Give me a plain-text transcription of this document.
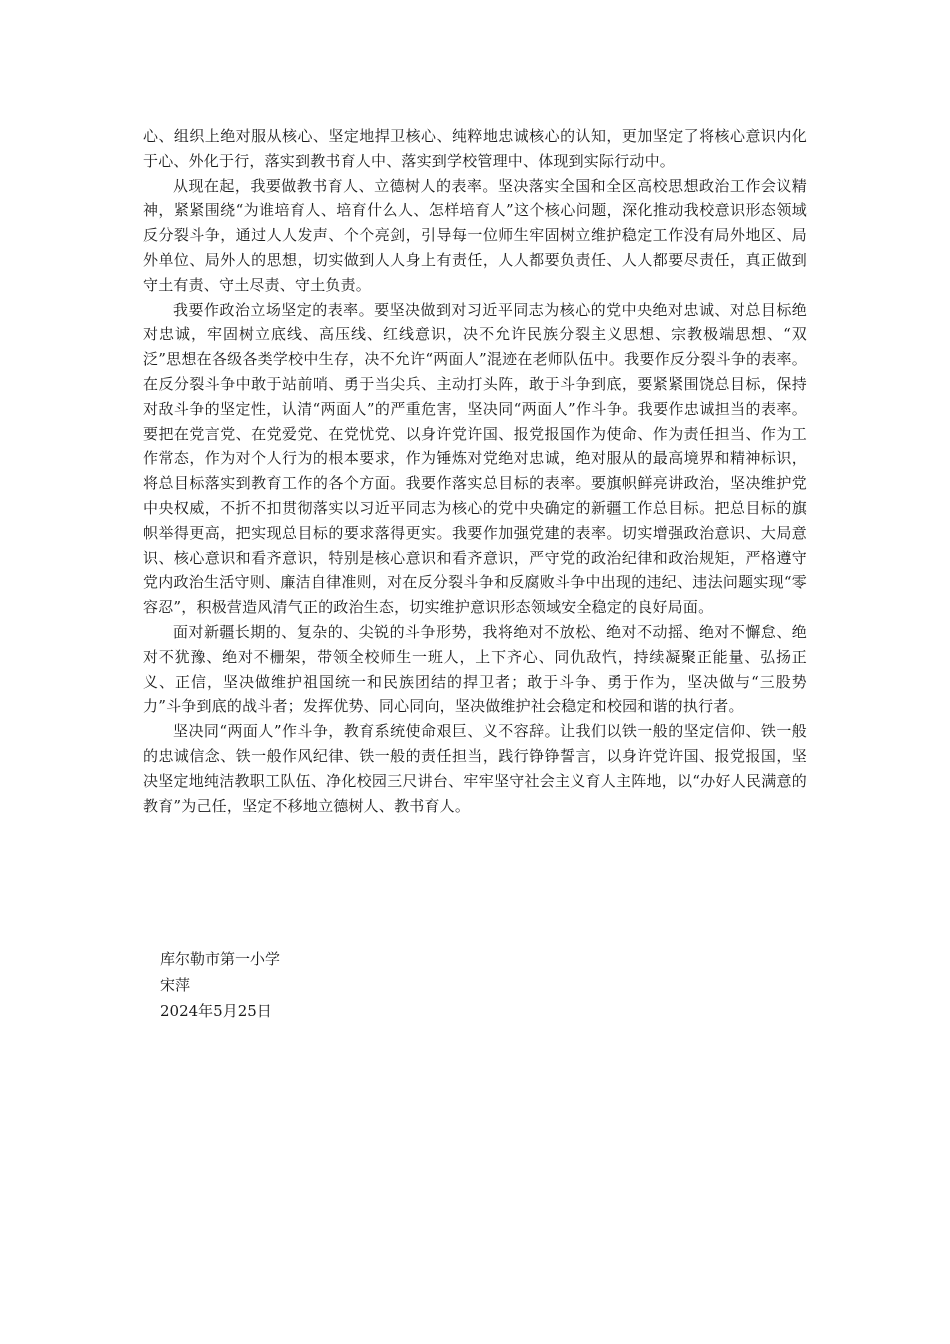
心、组织上绝对服从核心、坚定地捍卫核心、纯粹地忠诚核心的认知，更加坚定了将核心意识内化于心、外化于行，落实到教书育人中、落实到学校管理中、体现到实际行动中。

从现在起，我要做教书育人、立德树人的表率。坚决落实全国和全区高校思想政治工作会议精神，紧紧围绕“为谁培育人、培育什么人、怎样培育人”这个核心问题，深化推动我校意识形态领域反分裂斗争，通过人人发声、个个亮剑，引导每一位师生牢固树立维护稳定工作没有局外地区、局外单位、局外人的思想，切实做到人人身上有责任，人人都要负责任、人人都要尽责任，真正做到守土有责、守土尽责、守土负责。

我要作政治立场坚定的表率。要坚决做到对习近平同志为核心的党中央绝对忠诚、对总目标绝对忠诚，牢固树立底线、高压线、红线意识，决不允许民族分裂主义思想、宗教极端思想、“双泛”思想在各级各类学校中生存，决不允许“两面人”混迹在老师队伍中。我要作反分裂斗争的表率。在反分裂斗争中敢于站前哨、勇于当尖兵、主动打头阵，敢于斗争到底，要紧紧围饶总目标，保持对敌斗争的坚定性，认清“两面人”的严重危害，坚决同“两面人”作斗争。我要作忠诚担当的表率。要把在党言党、在党爱党、在党忧党、以身许党许国、报党报国作为使命、作为责任担当、作为工作常态，作为对个人行为的根本要求，作为锤炼对党绝对忠诚，绝对服从的最高境界和精神标识，将总目标落实到教育工作的各个方面。我要作落实总目标的表率。要旗帜鲜亮讲政治，坚决维护党中央权威，不折不扣贯彻落实以习近平同志为核心的党中央确定的新疆工作总目标。把总目标的旗帜举得更高，把实现总目标的要求落得更实。我要作加强党建的表率。切实增强政治意识、大局意识、核心意识和看齐意识，特别是核心意识和看齐意识，严守党的政治纪律和政治规矩，严格遵守党内政治生活守则、廉洁自律准则，对在反分裂斗争和反腐败斗争中出现的违纪、违法问题实现“零容忍”，积极营造风清气正的政治生态，切实维护意识形态领域安全稳定的良好局面。

面对新疆长期的、复杂的、尖锐的斗争形势，我将绝对不放松、绝对不动摇、绝对不懈怠、绝对不犹豫、绝对不栅架，带领全校师生一班人，上下齐心、同仇敌忾，持续凝聚正能量、弘扬正义、正信，坚决做维护祖国统一和民族团结的捍卫者；敢于斗争、勇于作为，坚决做与“三股势力”斗争到底的战斗者；发挥优势、同心同向，坚决做维护社会稳定和校园和谐的执行者。

坚决同“两面人”作斗争，教育系统使命艰巨、义不容辞。让我们以铁一般的坚定信仰、铁一般的忠诚信念、铁一般作风纪律、铁一般的责任担当，践行铮铮誓言，以身许党许国、报党报国，坚决坚定地纯洁教职工队伍、净化校园三尺讲台、牢牢坚守社会主义育人主阵地，以“办好人民满意的教育”为己任，坚定不移地立德树人、教书育人。

库尔勒市第一小学
宋萍
2024年5月25日
